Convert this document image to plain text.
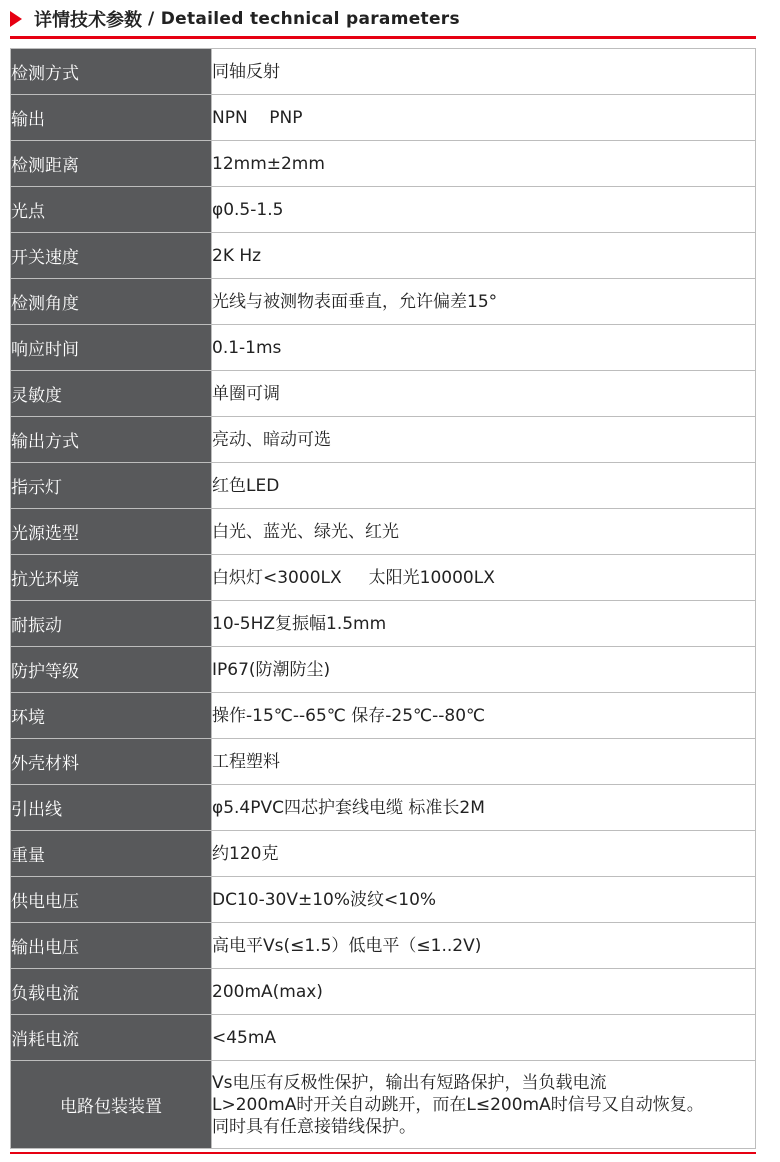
详情技术参数 / Detailed technical parameters
检测方式	同轴反射
输出	NPN    PNP
检测距离	12mm±2mm
光点	φ0.5-1.5
开关速度	2K Hz
检测角度	光线与被测物表面垂直，允许偏差15°
响应时间	0.1-1ms
灵敏度	单圈可调
输出方式	亮动、暗动可选
指示灯	红色LED
光源选型	白光、蓝光、绿光、红光
抗光环境	白炽灯<3000LX     太阳光10000LX
耐振动	10-5HZ复振幅1.5mm
防护等级	IP67(防潮防尘)
环境	操作-15℃--65℃ 保存-25℃--80℃
外壳材料	工程塑料
引出线	φ5.4PVC四芯护套线电缆 标准长2M
重量	约120克
供电电压	DC10-30V±10%波纹<10%
输出电压	高电平Vs(≤1.5）低电平（≤1..2V)
负载电流	200mA(max)
消耗电流	<45mA
电路包装装置	Vs电压有反极性保护，输出有短路保护，当负载电流
L>200mA时开关自动跳开，而在L≤200mA时信号又自动恢复。
同时具有任意接错线保护。
